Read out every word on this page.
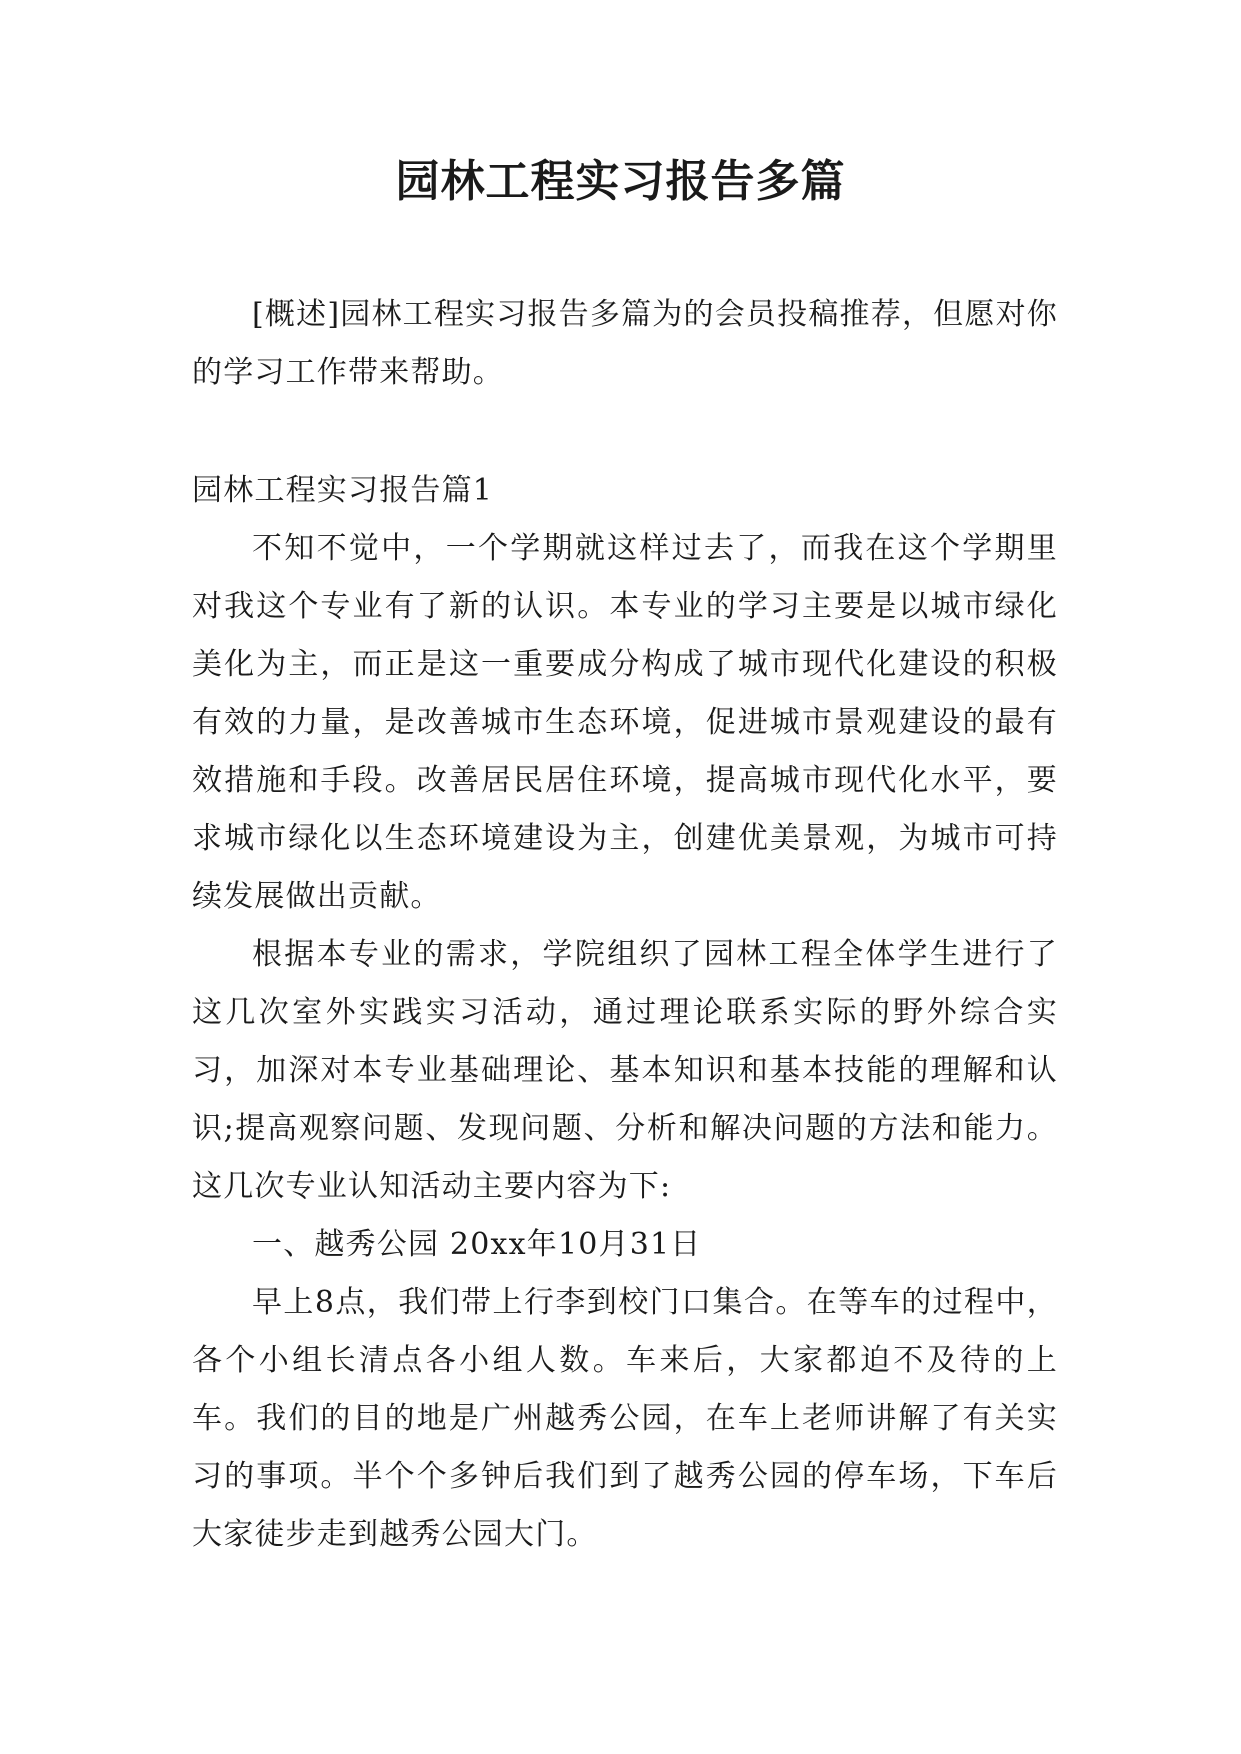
园林工程实习报告多篇

[概述]园林工程实习报告多篇为的会员投稿推荐，但愿对你的学习工作带来帮助。

园林工程实习报告篇1

不知不觉中，一个学期就这样过去了，而我在这个学期里对我这个专业有了新的认识。本专业的学习主要是以城市绿化美化为主，而正是这一重要成分构成了城市现代化建设的积极有效的力量，是改善城市生态环境，促进城市景观建设的最有效措施和手段。改善居民居住环境，提高城市现代化水平，要求城市绿化以生态环境建设为主，创建优美景观，为城市可持续发展做出贡献。

根据本专业的需求，学院组织了园林工程全体学生进行了这几次室外实践实习活动，通过理论联系实际的野外综合实习，加深对本专业基础理论、基本知识和基本技能的理解和认识;提高观察问题、发现问题、分析和解决问题的方法和能力。这几次专业认知活动主要内容为下:

一、越秀公园 20xx年10月31日

早上8点，我们带上行李到校门口集合。在等车的过程中，各个小组长清点各小组人数。车来后，大家都迫不及待的上车。我们的目的地是广州越秀公园，在车上老师讲解了有关实习的事项。半个个多钟后我们到了越秀公园的停车场，下车后大家徒步走到越秀公园大门。
